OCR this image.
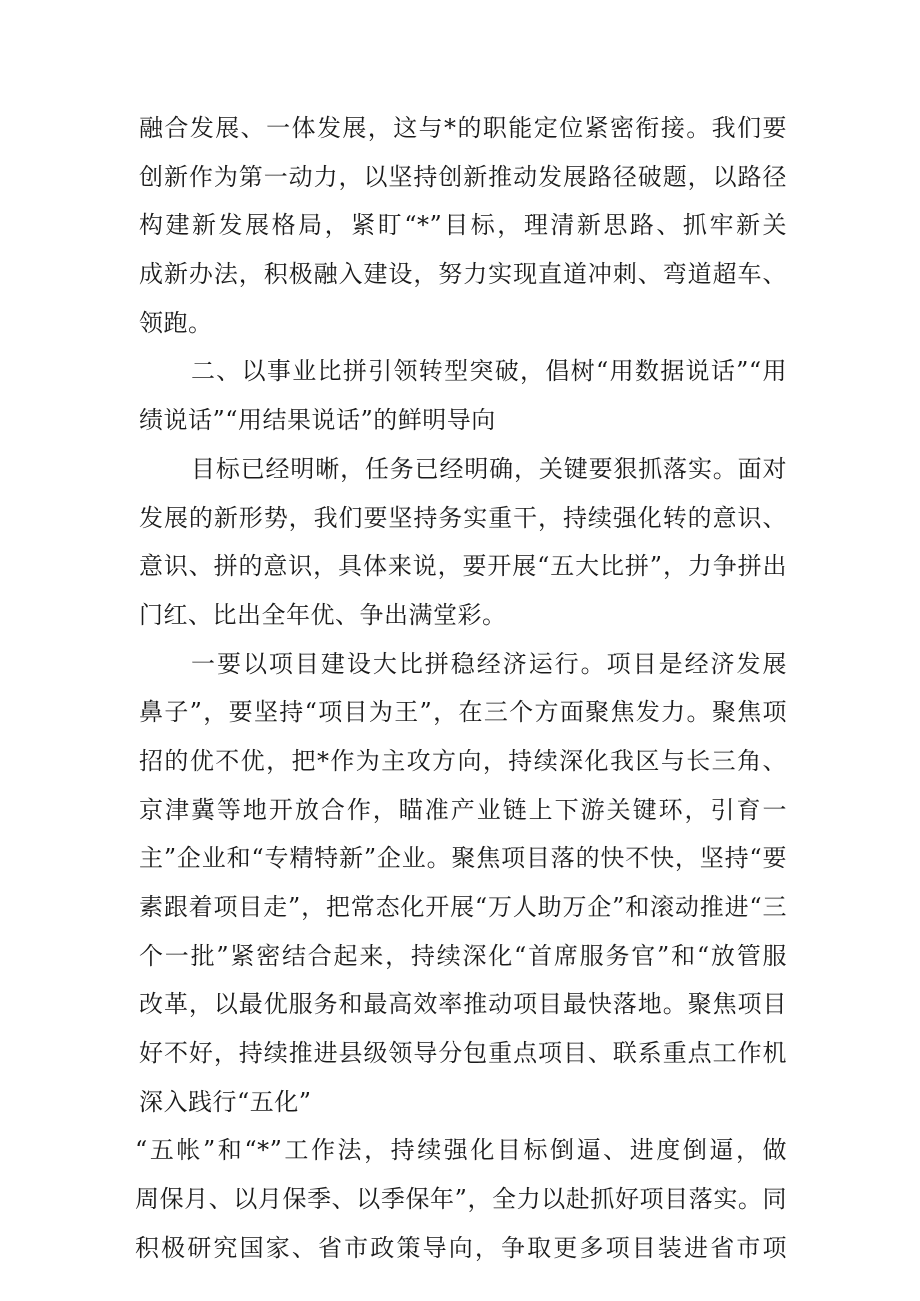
融合发展、一体发展，这与*的职能定位紧密衔接。我们要
创新作为第一动力，以坚持创新推动发展路径破题，以路径
构建新发展格局，紧盯“*”目标，理清新思路、抓牢新关
成新办法，积极融入建设，努力实现直道冲刺、弯道超车、
领跑。
二、以事业比拼引领转型突破，倡树“用数据说话”“用
绩说话”“用结果说话”的鲜明导向
目标已经明晰，任务已经明确，关键要狠抓落实。面对
发展的新形势，我们要坚持务实重干，持续强化转的意识、
意识、拼的意识，具体来说，要开展“五大比拼”，力争拼出
门红、比出全年优、争出满堂彩。
一要以项目建设大比拼稳经济运行。项目是经济发展
鼻子”，要坚持“项目为王”，在三个方面聚焦发力。聚焦项
招的优不优，把*作为主攻方向，持续深化我区与长三角、
京津冀等地开放合作，瞄准产业链上下游关键环，引育一
主”企业和“专精特新”企业。聚焦项目落的快不快，坚持“要
素跟着项目走”，把常态化开展“万人助万企”和滚动推进“三
个一批”紧密结合起来，持续深化“首席服务官”和“放管服
改革，以最优服务和最高效率推动项目最快落地。聚焦项目
好不好，持续推进县级领导分包重点项目、联系重点工作机
深入践行“五化”
“五帐”和“*”工作法，持续强化目标倒逼、进度倒逼，做
周保月、以月保季、以季保年”，全力以赴抓好项目落实。同
积极研究国家、省市政策导向，争取更多项目装进省市项
